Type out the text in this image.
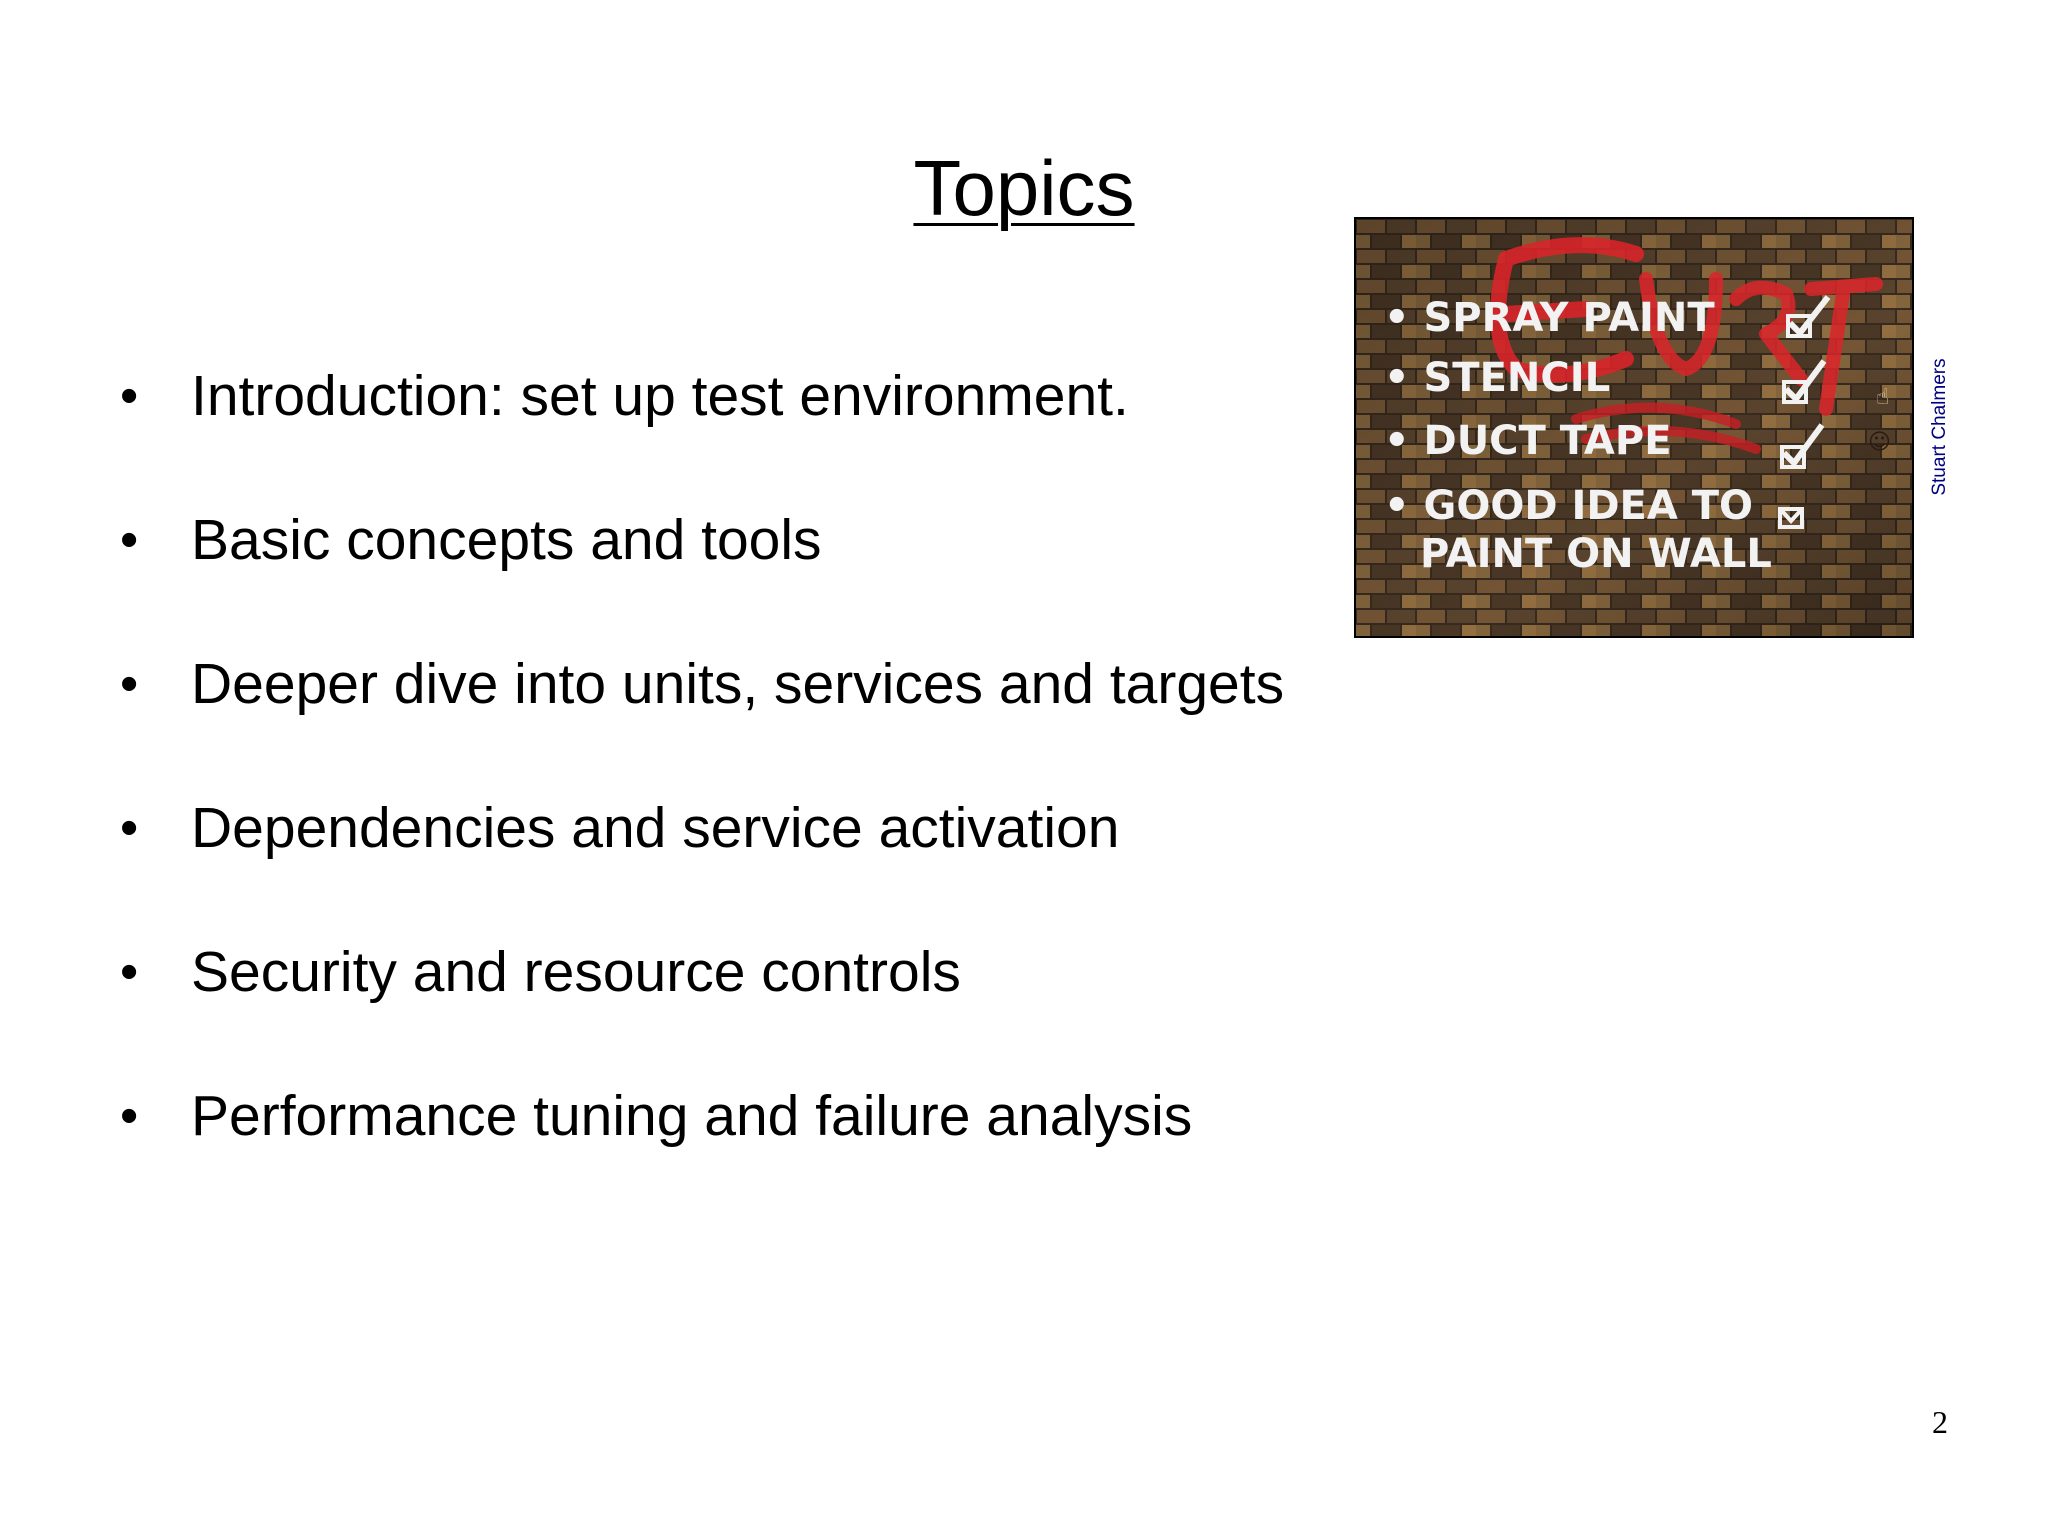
Topics
• Introduction: set up test environment.
• Basic concepts and tools
• Deeper dive into units, services and targets
• Dependencies and service activation
• Security and resource controls
• Performance tuning and failure analysis
• SPRAY PAINT
• STENCIL
• DUCT TAPE
• GOOD IDEA TO
PAINT ON WALL
☝
☺ Stuart Chalmers
2
